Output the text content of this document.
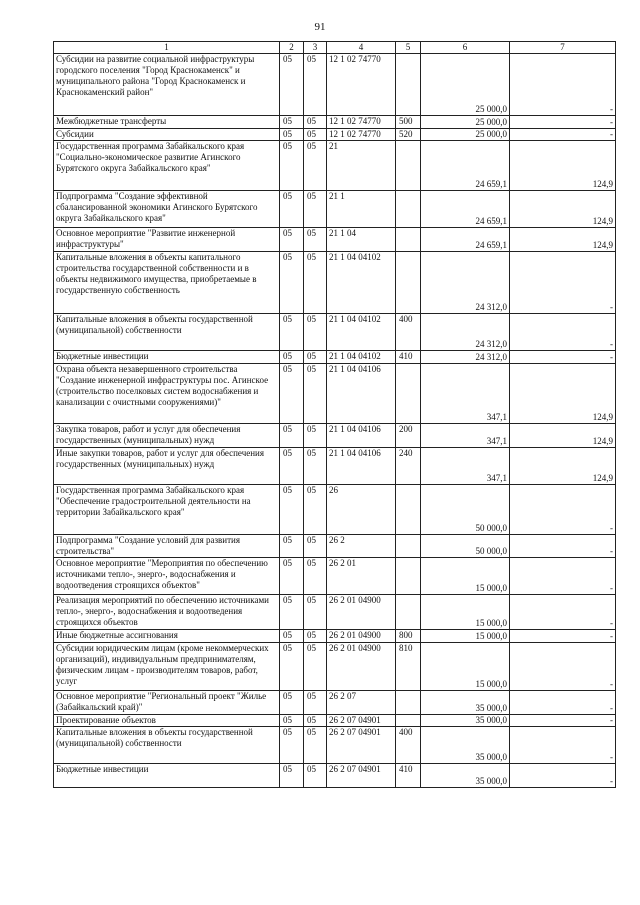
91
1	2	3	4	5	6	7
Субсидии на развитие социальной инфраструктуры городского поселения "Город Краснокаменск" и муниципального района "Город Краснокаменск и Краснокаменский район"	05	05	12 1 02 74770		25 000,0	-
Межбюджетные трансферты	05	05	12 1 02 74770	500	25 000,0	-
Субсидии	05	05	12 1 02 74770	520	25 000,0	-
Государственная программа Забайкальского края "Социально-экономическое развитие Агинского Бурятского округа Забайкальского края"	05	05	21		24 659,1	124,9
Подпрограмма "Создание эффективной сбалансированной экономики Агинского Бурятского округа Забайкальского края"	05	05	21 1		24 659,1	124,9
Основное мероприятие "Развитие инженерной инфраструктуры"	05	05	21 1 04		24 659,1	124,9
Капитальные вложения в объекты капитального строительства государственной собственности и в объекты недвижимого имущества, приобретаемые в государственную собственность	05	05	21 1 04 04102		24 312,0	-
Капитальные вложения в объекты государственной (муниципальной) собственности	05	05	21 1 04 04102	400	24 312,0	-
Бюджетные инвестиции	05	05	21 1 04 04102	410	24 312,0	-
Охрана объекта незавершенного строительства "Создание инженерной инфраструктуры пос. Агинское (строительство поселковых систем водоснабжения и канализации с очистными сооружениями)"	05	05	21 1 04 04106		347,1	124,9
Закупка товаров, работ и услуг для обеспечения государственных (муниципальных) нужд	05	05	21 1 04 04106	200	347,1	124,9
Иные закупки товаров, работ и услуг для обеспечения государственных (муниципальных) нужд	05	05	21 1 04 04106	240	347,1	124,9
Государственная программа Забайкальского края "Обеспечение градостроительной деятельности на территории Забайкальского края"	05	05	26		50 000,0	-
Подпрограмма "Создание условий для развития строительства"	05	05	26 2		50 000,0	-
Основное мероприятие "Мероприятия по обеспечению источниками тепло-, энерго-, водоснабжения и водоотведения строящихся объектов"	05	05	26 2 01		15 000,0	-
Реализация мероприятий по обеспечению источниками тепло-, энерго-, водоснабжения и водоотведения строящихся объектов	05	05	26 2 01 04900		15 000,0	-
Иные бюджетные ассигнования	05	05	26 2 01 04900	800	15 000,0	-
Субсидии юридическим лицам (кроме некоммерческих организаций), индивидуальным предпринимателям, физическим лицам - производителям товаров, работ, услуг	05	05	26 2 01 04900	810	15 000,0	-
Основное мероприятие "Региональный проект "Жилье (Забайкальский край)"	05	05	26 2 07		35 000,0	-
Проектирование объектов	05	05	26 2 07 04901		35 000,0	-
Капитальные вложения в объекты государственной (муниципальной) собственности	05	05	26 2 07 04901	400	35 000,0	-
Бюджетные инвестиции	05	05	26 2 07 04901	410	35 000,0	-
